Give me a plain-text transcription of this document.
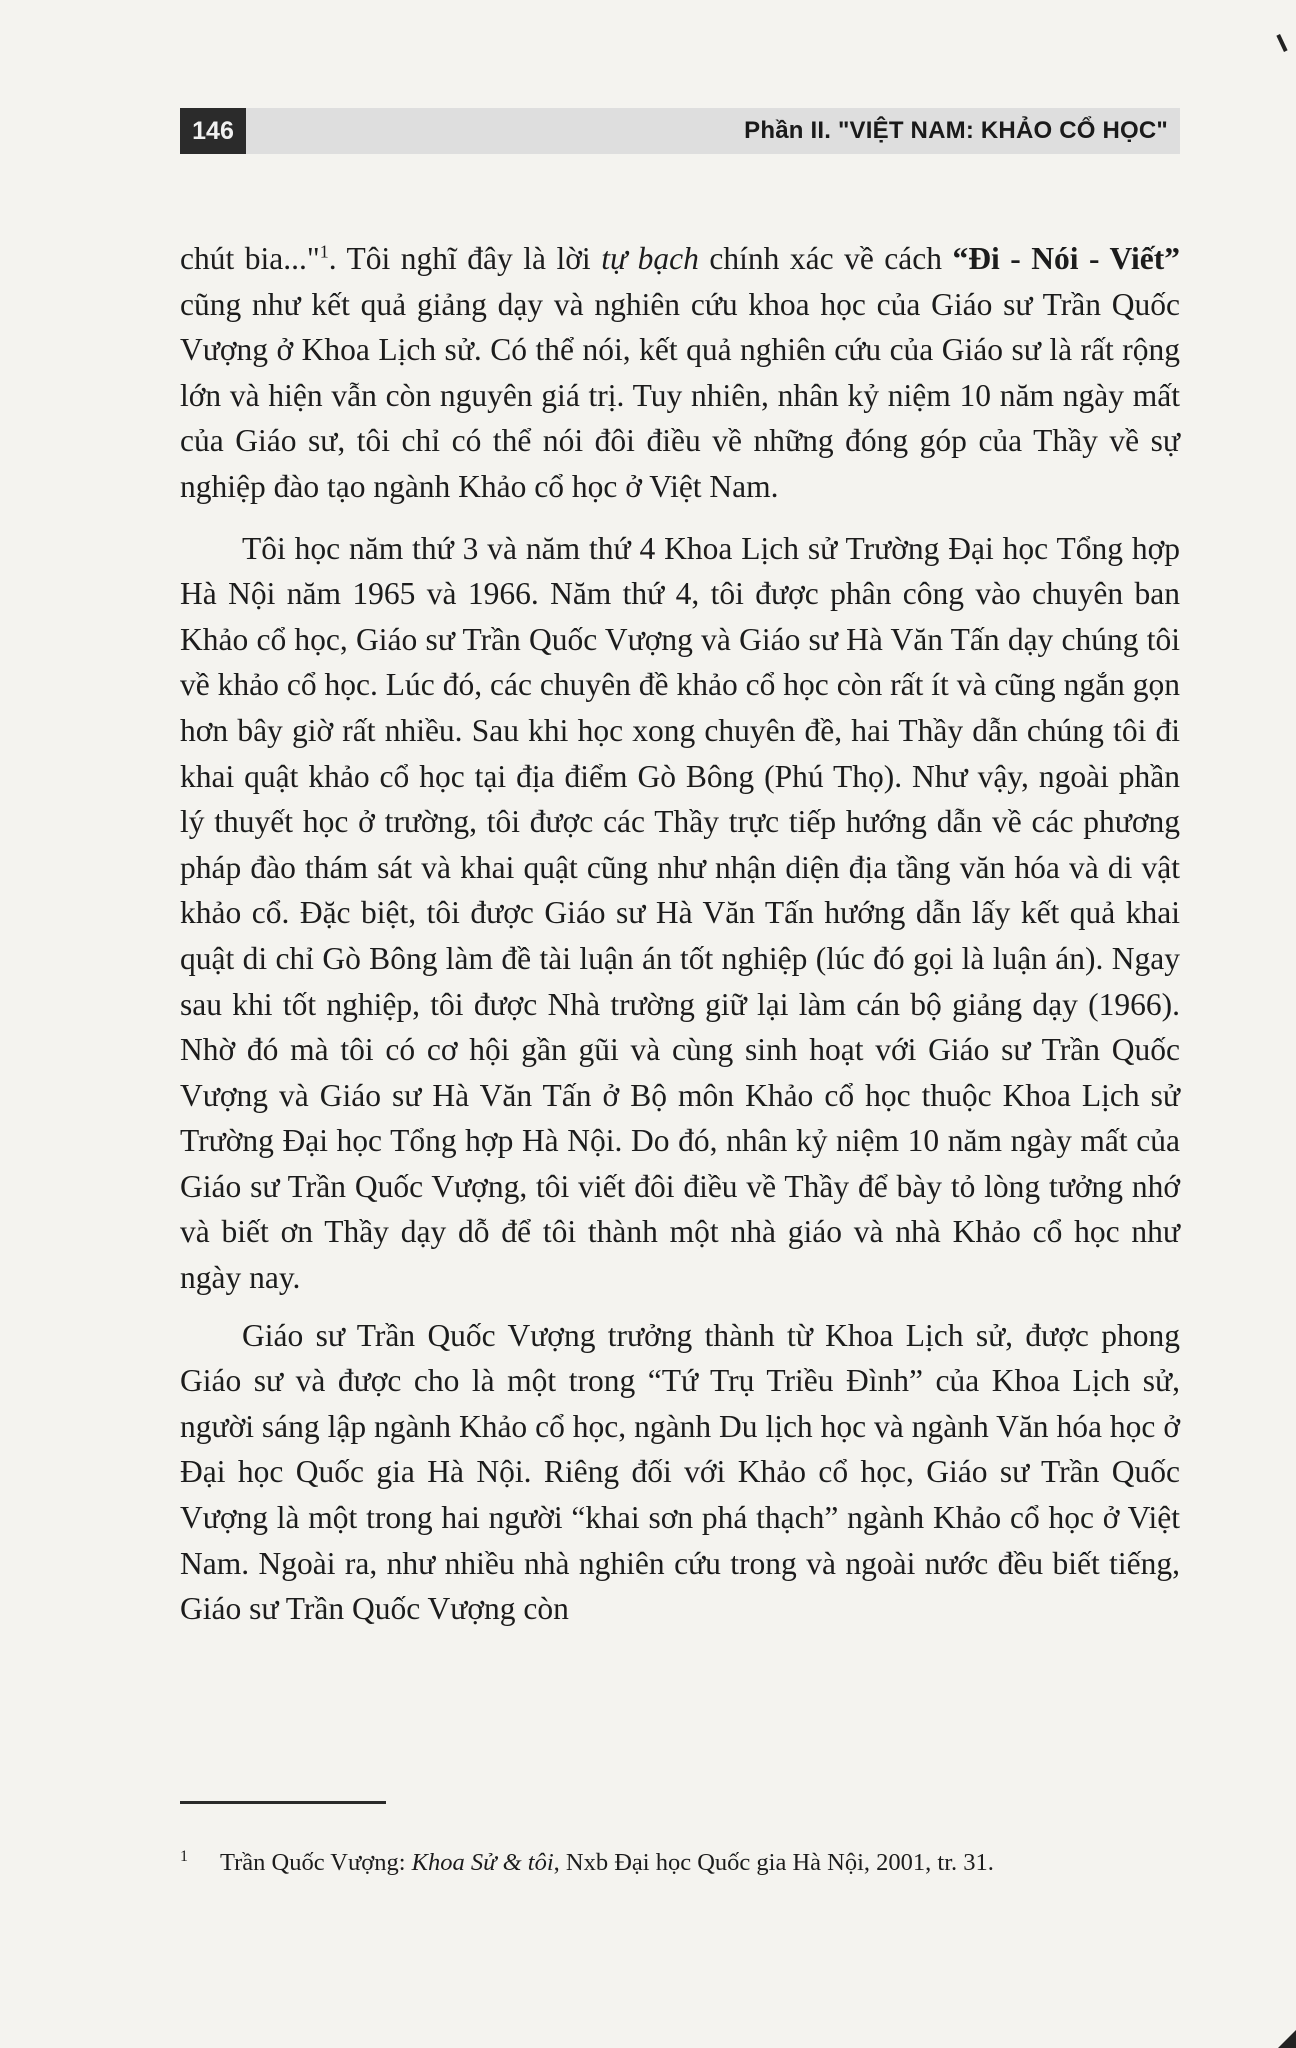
146	Phần II. "VIỆT NAM: KHẢO CỔ HỌC"

chút bia..."$^1$. Tôi nghĩ đây là lời tự bạch chính xác về cách “Đi - Nói - Viết” cũng như kết quả giảng dạy và nghiên cứu khoa học của Giáo sư Trần Quốc Vượng ở Khoa Lịch sử. Có thể nói, kết quả nghiên cứu của Giáo sư là rất rộng lớn và hiện vẫn còn nguyên giá trị. Tuy nhiên, nhân kỷ niệm 10 năm ngày mất của Giáo sư, tôi chỉ có thể nói đôi điều về những đóng góp của Thầy về sự nghiệp đào tạo ngành Khảo cổ học ở Việt Nam.

Tôi học năm thứ 3 và năm thứ 4 Khoa Lịch sử Trường Đại học Tổng hợp Hà Nội năm 1965 và 1966. Năm thứ 4, tôi được phân công vào chuyên ban Khảo cổ học, Giáo sư Trần Quốc Vượng và Giáo sư Hà Văn Tấn dạy chúng tôi về khảo cổ học. Lúc đó, các chuyên đề khảo cổ học còn rất ít và cũng ngắn gọn hơn bây giờ rất nhiều. Sau khi học xong chuyên đề, hai Thầy dẫn chúng tôi đi khai quật khảo cổ học tại địa điểm Gò Bông (Phú Thọ). Như vậy, ngoài phần lý thuyết học ở trường, tôi được các Thầy trực tiếp hướng dẫn về các phương pháp đào thám sát và khai quật cũng như nhận diện địa tầng văn hóa và di vật khảo cổ. Đặc biệt, tôi được Giáo sư Hà Văn Tấn hướng dẫn lấy kết quả khai quật di chỉ Gò Bông làm đề tài luận án tốt nghiệp (lúc đó gọi là luận án). Ngay sau khi tốt nghiệp, tôi được Nhà trường giữ lại làm cán bộ giảng dạy (1966). Nhờ đó mà tôi có cơ hội gần gũi và cùng sinh hoạt với Giáo sư Trần Quốc Vượng và Giáo sư Hà Văn Tấn ở Bộ môn Khảo cổ học thuộc Khoa Lịch sử Trường Đại học Tổng hợp Hà Nội. Do đó, nhân kỷ niệm 10 năm ngày mất của Giáo sư Trần Quốc Vượng, tôi viết đôi điều về Thầy để bày tỏ lòng tưởng nhớ và biết ơn Thầy dạy dỗ để tôi thành một nhà giáo và nhà Khảo cổ học như ngày nay.

Giáo sư Trần Quốc Vượng trưởng thành từ Khoa Lịch sử, được phong Giáo sư và được cho là một trong “Tứ Trụ Triều Đình” của Khoa Lịch sử, người sáng lập ngành Khảo cổ học, ngành Du lịch học và ngành Văn hóa học ở Đại học Quốc gia Hà Nội. Riêng đối với Khảo cổ học, Giáo sư Trần Quốc Vượng là một trong hai người “khai sơn phá thạch” ngành Khảo cổ học ở Việt Nam. Ngoài ra, như nhiều nhà nghiên cứu trong và ngoài nước đều biết tiếng, Giáo sư Trần Quốc Vượng còn

1 Trần Quốc Vượng: Khoa Sử & tôi, Nxb Đại học Quốc gia Hà Nội, 2001, tr. 31.
